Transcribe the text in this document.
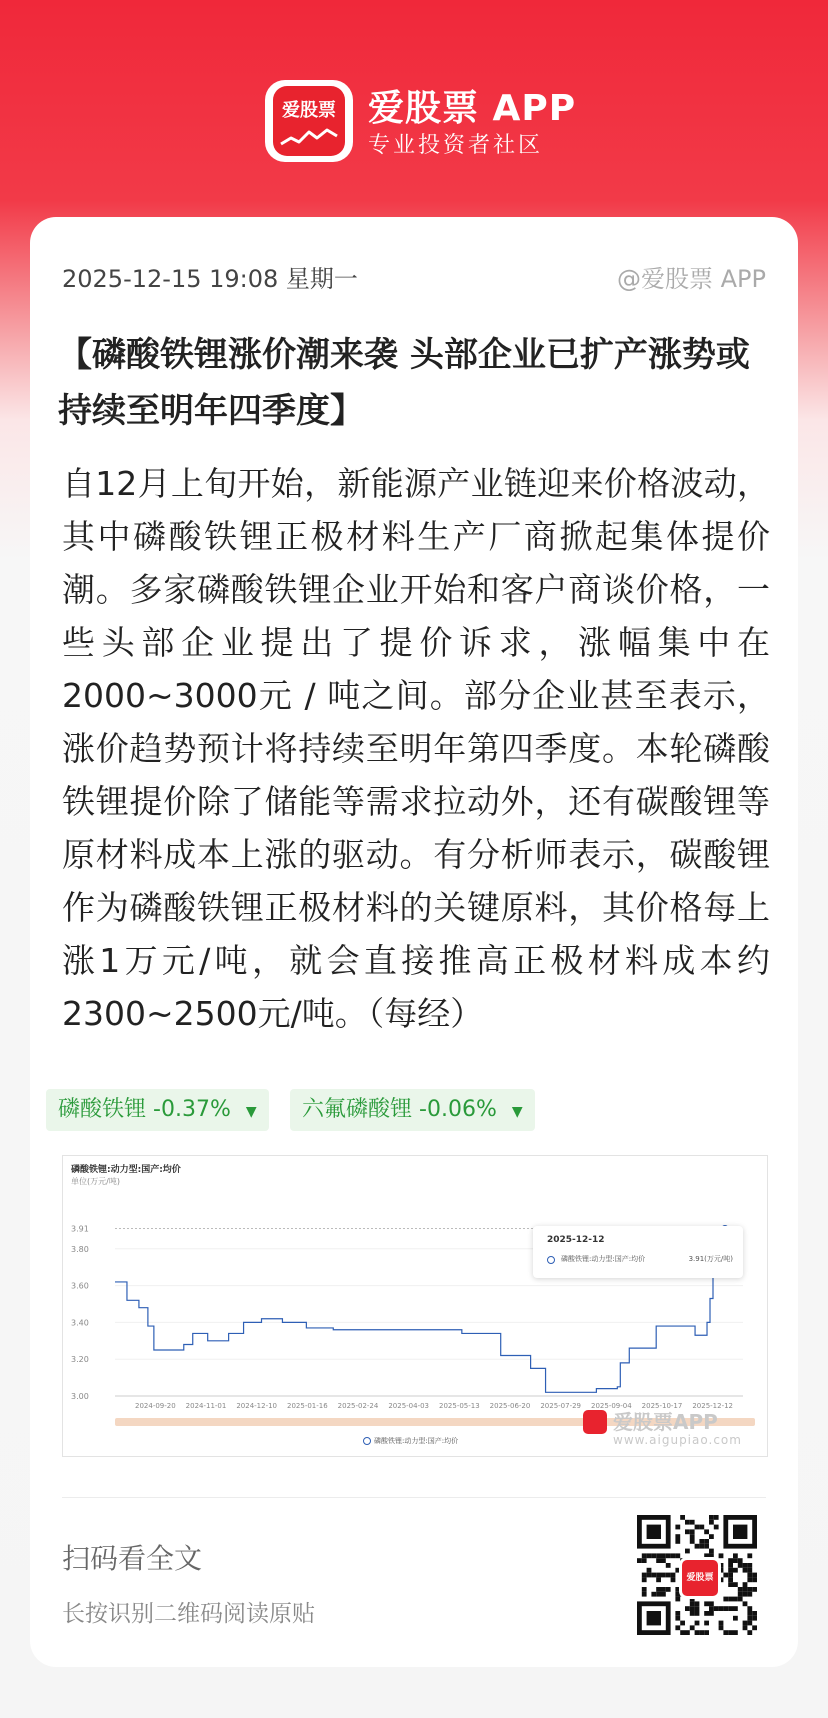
爱股票 爱股票 APP
专业投资者社区
2025-12-15 19:08 星期一	@爱股票 APP
【磷酸铁锂涨价潮来袭 头部企业已扩产涨势或持续至明年四季度】
自12月上旬开始，新能源产业链迎来价格波动，其中磷酸铁锂正极材料生产厂商掀起集体提价潮。多家磷酸铁锂企业开始和客户商谈价格，一些头部企业提出了提价诉求，涨幅集中在2000~3000元 / 吨之间。部分企业甚至表示，涨价趋势预计将持续至明年第四季度。本轮磷酸铁锂提价除了储能等需求拉动外，还有碳酸锂等原材料成本上涨的驱动。有分析师表示，碳酸锂作为磷酸铁锂正极材料的关键原料，其价格每上涨1万元/吨，就会直接推高正极材料成本约2300~2500元/吨。（每经）
磷酸铁锂 -0.37% ▼	六氟磷酸锂 -0.06% ▼
磷酸铁锂:动力型:国产:均价
单位(万元/吨)
3.00
3.20
3.40
3.60
3.80
3.91
2024-09-20 2024-11-01 2024-12-10 2025-01-16 2025-02-24 2025-04-03 2025-05-13 2025-06-20 2025-07-29 2025-09-04 2025-10-17 2025-12-12
2025-12-12
磷酸铁锂:动力型:国产:均价	3.91(万元/吨)
磷酸铁锂:动力型:国产:均价
爱股票APP
www.aigupiao.com
扫码看全文
长按识别二维码阅读原贴
爱股票
